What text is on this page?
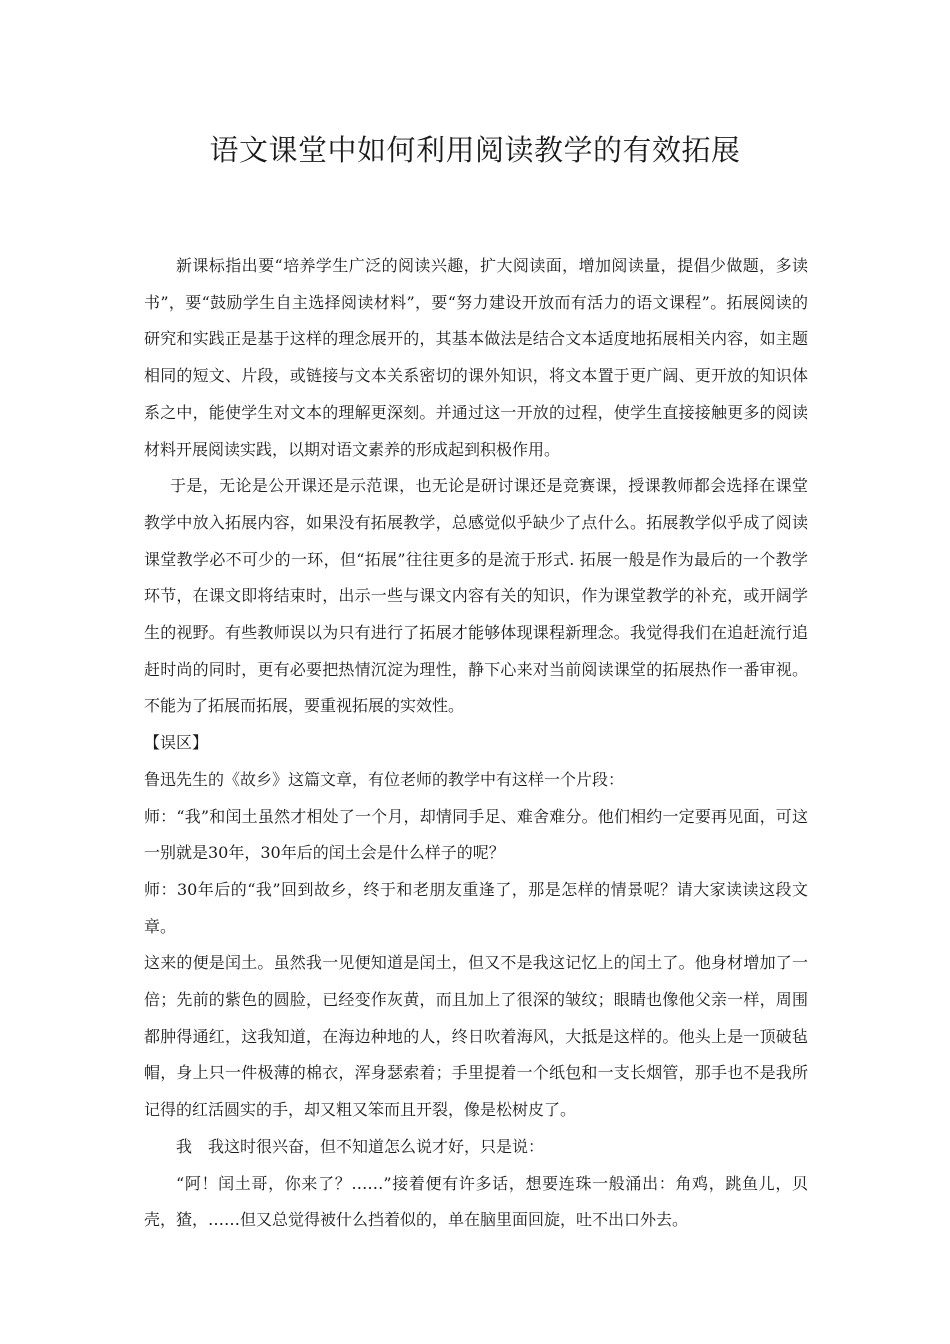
语文课堂中如何利用阅读教学的有效拓展

新课标指出要“培养学生广泛的阅读兴趣，扩大阅读面，增加阅读量，提倡少做题，多读书”，要“鼓励学生自主选择阅读材料”，要“努力建设开放而有活力的语文课程”。拓展阅读的研究和实践正是基于这样的理念展开的，其基本做法是结合文本适度地拓展相关内容，如主题相同的短文、片段，或链接与文本关系密切的课外知识，将文本置于更广阔、更开放的知识体系之中，能使学生对文本的理解更深刻。并通过这一开放的过程，使学生直接接触更多的阅读材料开展阅读实践，以期对语文素养的形成起到积极作用。

于是，无论是公开课还是示范课，也无论是研讨课还是竞赛课，授课教师都会选择在课堂教学中放入拓展内容，如果没有拓展教学，总感觉似乎缺少了点什么。拓展教学似乎成了阅读课堂教学必不可少的一环，但“拓展”往往更多的是流于形式. 拓展一般是作为最后的一个教学环节，在课文即将结束时，出示一些与课文内容有关的知识，作为课堂教学的补充，或开阔学生的视野。有些教师误以为只有进行了拓展才能够体现课程新理念。我觉得我们在追赶流行追赶时尚的同时，更有必要把热情沉淀为理性，静下心来对当前阅读课堂的拓展热作一番审视。不能为了拓展而拓展，要重视拓展的实效性。

【误区】

鲁迅先生的《故乡》这篇文章，有位老师的教学中有这样一个片段：

师：“我”和闰土虽然才相处了一个月，却情同手足、难舍难分。他们相约一定要再见面，可这一别就是30年，30年后的闰土会是什么样子的呢？

师：30年后的“我”回到故乡，终于和老朋友重逢了，那是怎样的情景呢？请大家读读这段文章。

这来的便是闰土。虽然我一见便知道是闰土，但又不是我这记忆上的闰土了。他身材增加了一倍；先前的紫色的圆脸，已经变作灰黄，而且加上了很深的皱纹；眼睛也像他父亲一样，周围都肿得通红，这我知道，在海边种地的人，终日吹着海风，大抵是这样的。他头上是一顶破毡帽，身上只一件极薄的棉衣，浑身瑟索着；手里提着一个纸包和一支长烟管，那手也不是我所记得的红活圆实的手，却又粗又笨而且开裂，像是松树皮了。

我　我这时很兴奋，但不知道怎么说才好，只是说：

“阿！闰土哥，你来了？……”接着便有许多话，想要连珠一般涌出：角鸡，跳鱼儿，贝壳，猹，……但又总觉得被什么挡着似的，单在脑里面回旋，吐不出口外去。
